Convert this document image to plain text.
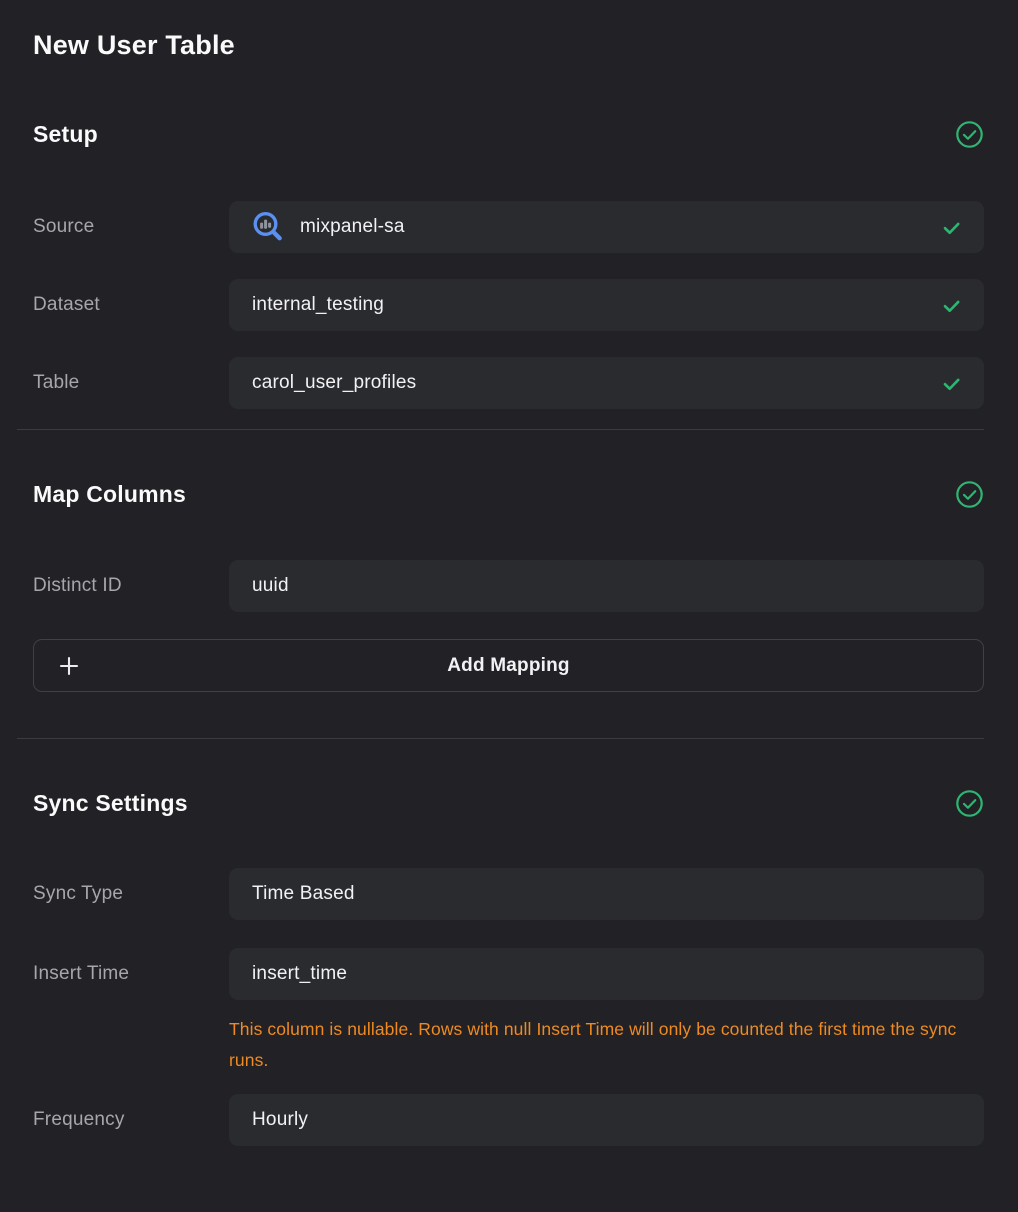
New User Table
Setup
Source	mixpanel-sa
Dataset	internal_testing
Table	carol_user_profiles
Map Columns
Distinct ID	uuid
Add Mapping
Sync Settings
Sync Type	Time Based
Insert Time	insert_time
This column is nullable. Rows with null Insert Time will only be counted the first time the sync runs.
Frequency	Hourly
